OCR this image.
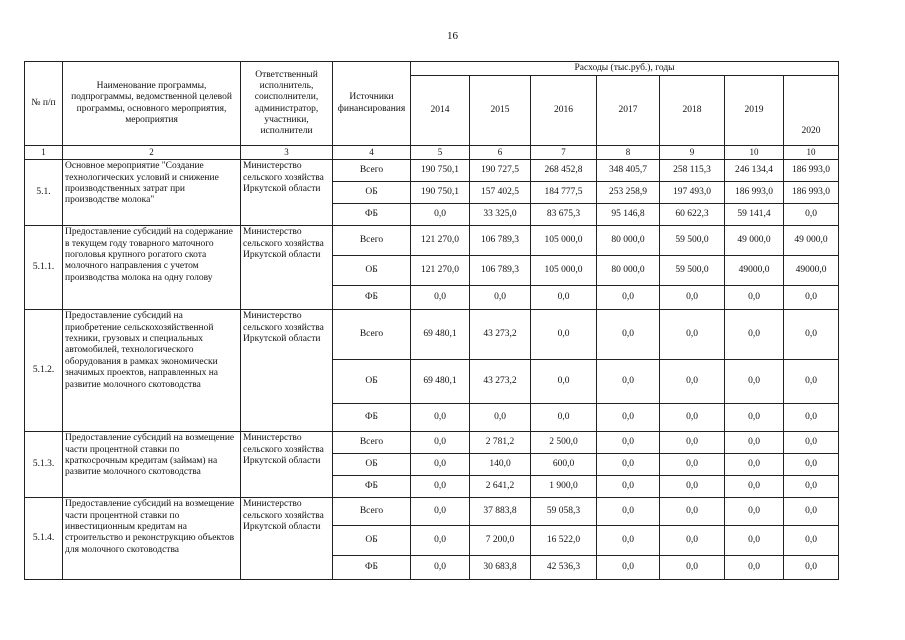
16
№ п/п	Наименование программы, подпрограммы, ведомственной целевой программы, основного мероприятия, мероприятия	Ответственный исполнитель, соисполнители, администратор, участники, исполнители	Источники финансирования	Расходы (тыс.руб.), годы						
				2014	2015	2016	2017	2018	2019	2020
1	2	3	4	5	6	7	8	9	10	10
5.1.	Основное мероприятие "Создание технологических условий и снижение производственных затрат при производстве молока"	Министерство сельского хозяйства Иркутской области	Всего	190 750,1	190 727,5	268 452,8	348 405,7	258 115,3	246 134,4	186 993,0
			ОБ	190 750,1	157 402,5	184 777,5	253 258,9	197 493,0	186 993,0	186 993,0
			ФБ	0,0	33 325,0	83 675,3	95 146,8	60 622,3	59 141,4	0,0
5.1.1.	Предоставление субсидий на содержание в текущем году товарного маточного поголовья крупного рогатого скота молочного направления с учетом производства молока на одну голову	Министерство сельского хозяйства Иркутской области	Всего	121 270,0	106 789,3	105 000,0	80 000,0	59 500,0	49 000,0	49 000,0
			ОБ	121 270,0	106 789,3	105 000,0	80 000,0	59 500,0	49000,0	49000,0
			ФБ	0,0	0,0	0,0	0,0	0,0	0,0	0,0
5.1.2.	Предоставление субсидий на приобретение сельскохозяйственной техники, грузовых и специальных автомобилей, технологического оборудования в рамках экономически значимых проектов, направленных на развитие молочного скотоводства	Министерство сельского хозяйства Иркутской области	Всего	69 480,1	43 273,2	0,0	0,0	0,0	0,0	0,0
			ОБ	69 480,1	43 273,2	0,0	0,0	0,0	0,0	0,0
			ФБ	0,0	0,0	0,0	0,0	0,0	0,0	0,0
5.1.3.	Предоставление субсидий на возмещение части процентной ставки по краткосрочным кредитам (займам) на развитие молочного скотоводства	Министерство сельского хозяйства Иркутской области	Всего	0,0	2 781,2	2 500,0	0,0	0,0	0,0	0,0
			ОБ	0,0	140,0	600,0	0,0	0,0	0,0	0,0
			ФБ	0,0	2 641,2	1 900,0	0,0	0,0	0,0	0,0
5.1.4.	Предоставление субсидий на возмещение части процентной ставки по инвестиционным кредитам на строительство и реконструкцию объектов для молочного скотоводства	Министерство сельского хозяйства Иркутской области	Всего	0,0	37 883,8	59 058,3	0,0	0,0	0,0	0,0
			ОБ	0,0	7 200,0	16 522,0	0,0	0,0	0,0	0,0
			ФБ	0,0	30 683,8	42 536,3	0,0	0,0	0,0	0,0
